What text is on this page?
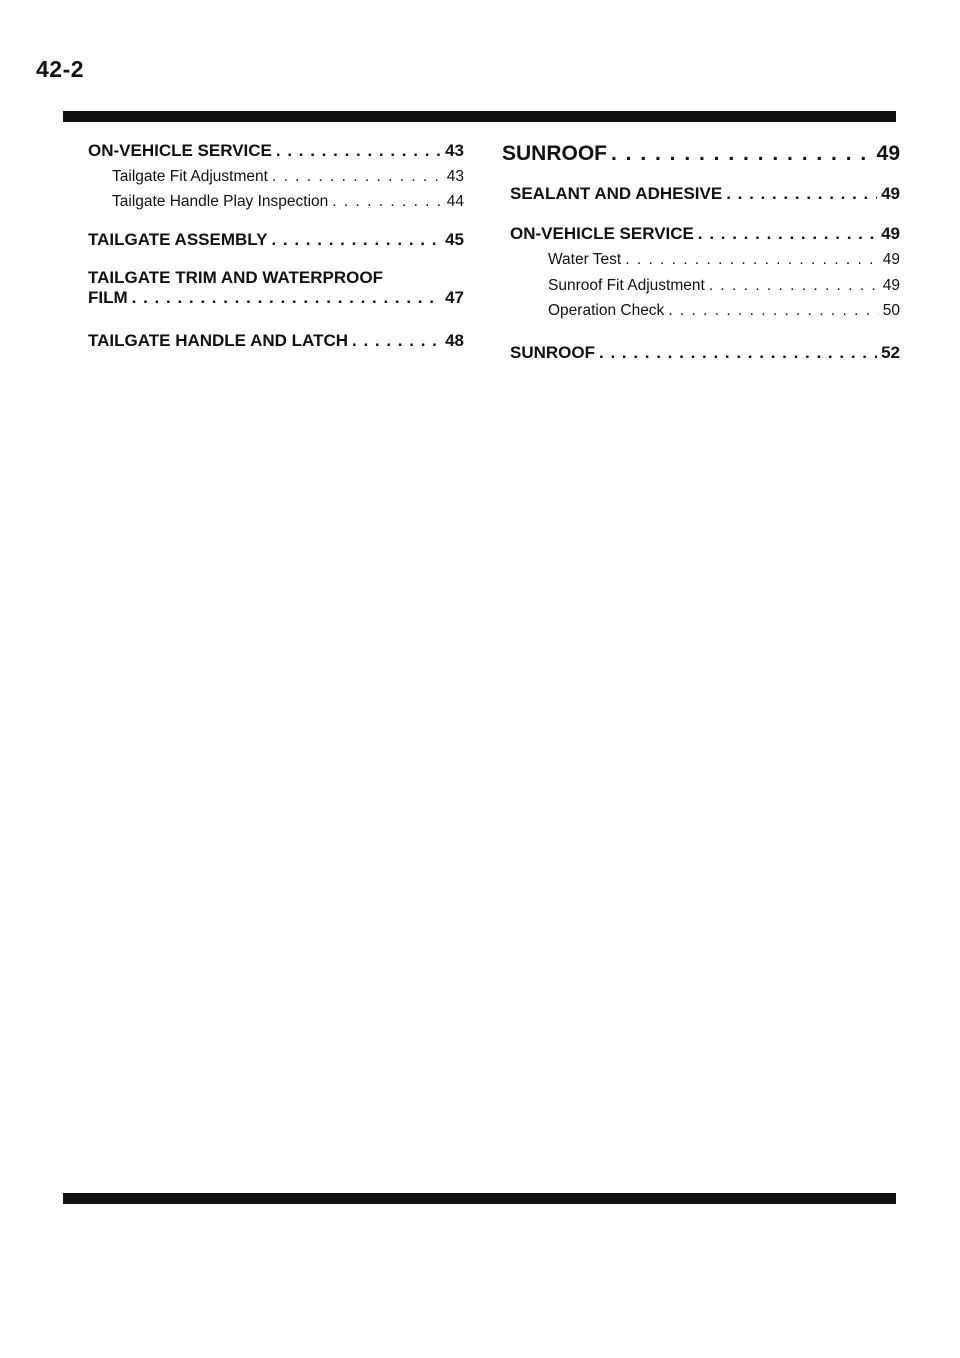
42-2
ON-VEHICLE SERVICE . . .	43
Tailgate Fit Adjustment . . .	43
Tailgate Handle Play Inspection . . .	44
TAILGATE ASSEMBLY . . .	45
TAILGATE TRIM AND WATERPROOF
FILM . . .	47
TAILGATE HANDLE AND LATCH . . .	48
SUNROOF . . .	49
SEALANT AND ADHESIVE . . .	49
ON-VEHICLE SERVICE . . .	49
Water Test . . .	49
Sunroof Fit Adjustment . . .	49
Operation Check . . .	50
SUNROOF . . .	52
